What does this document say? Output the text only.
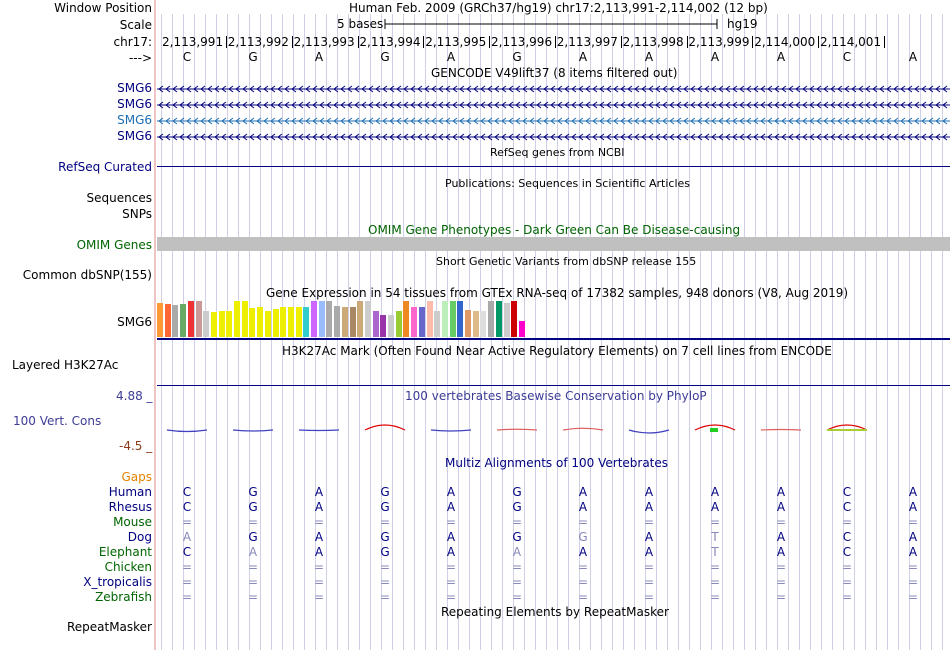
Window Position	Human Feb. 2009 (GRCh37/hg19) chr17:2,113,991-2,114,002 (12 bp)
Scale	5 bases	hg19
chr17: 2,113,991 2,113,992 2,113,993 2,113,994 2,113,995 2,113,996 2,113,997 2,113,998 2,113,999 2,114,000 2,114,001
--->	C	G	A	G	A	G	A	A	A	A	C	A
GENCODE V49lift37 (8 items filtered out)
SMG6
SMG6
SMG6
SMG6
RefSeq genes from NCBI
RefSeq Curated
Publications: Sequences in Scientific Articles
Sequences
SNPs
OMIM Gene Phenotypes - Dark Green Can Be Disease-causing
OMIM Genes
Short Genetic Variants from dbSNP release 155
Common dbSNP(155)
Gene Expression in 54 tissues from GTEx RNA-seq of 17382 samples, 948 donors (V8, Aug 2019)
SMG6
H3K27Ac Mark (Often Found Near Active Regulatory Elements) on 7 cell lines from ENCODE
Layered H3K27Ac
100 vertebrates Basewise Conservation by PhyloP
4.88 _
100 Vert. Cons
-4.5 _
Multiz Alignments of 100 Vertebrates
Gaps
Human	C	G	A	G	A	G	A	A	A	A	C	A
Rhesus	C	G	A	G	A	G	A	A	A	A	C	A
Mouse	=	=	=	=	=	=	=	=	=	=	=	=
Dog	A	G	A	G	A	G	G	A	T	A	C	A
Elephant	C	A	A	G	A	A	A	A	T	A	C	A
Chicken	=	=	=	=	=	=	=	=	=	=	=	=
X_tropicalis	=	=	=	=	=	=	=	=	=	=	=	=
Zebrafish	=	=	=	=	=	=	=	=	=	=	=	=
Repeating Elements by RepeatMasker
RepeatMasker
